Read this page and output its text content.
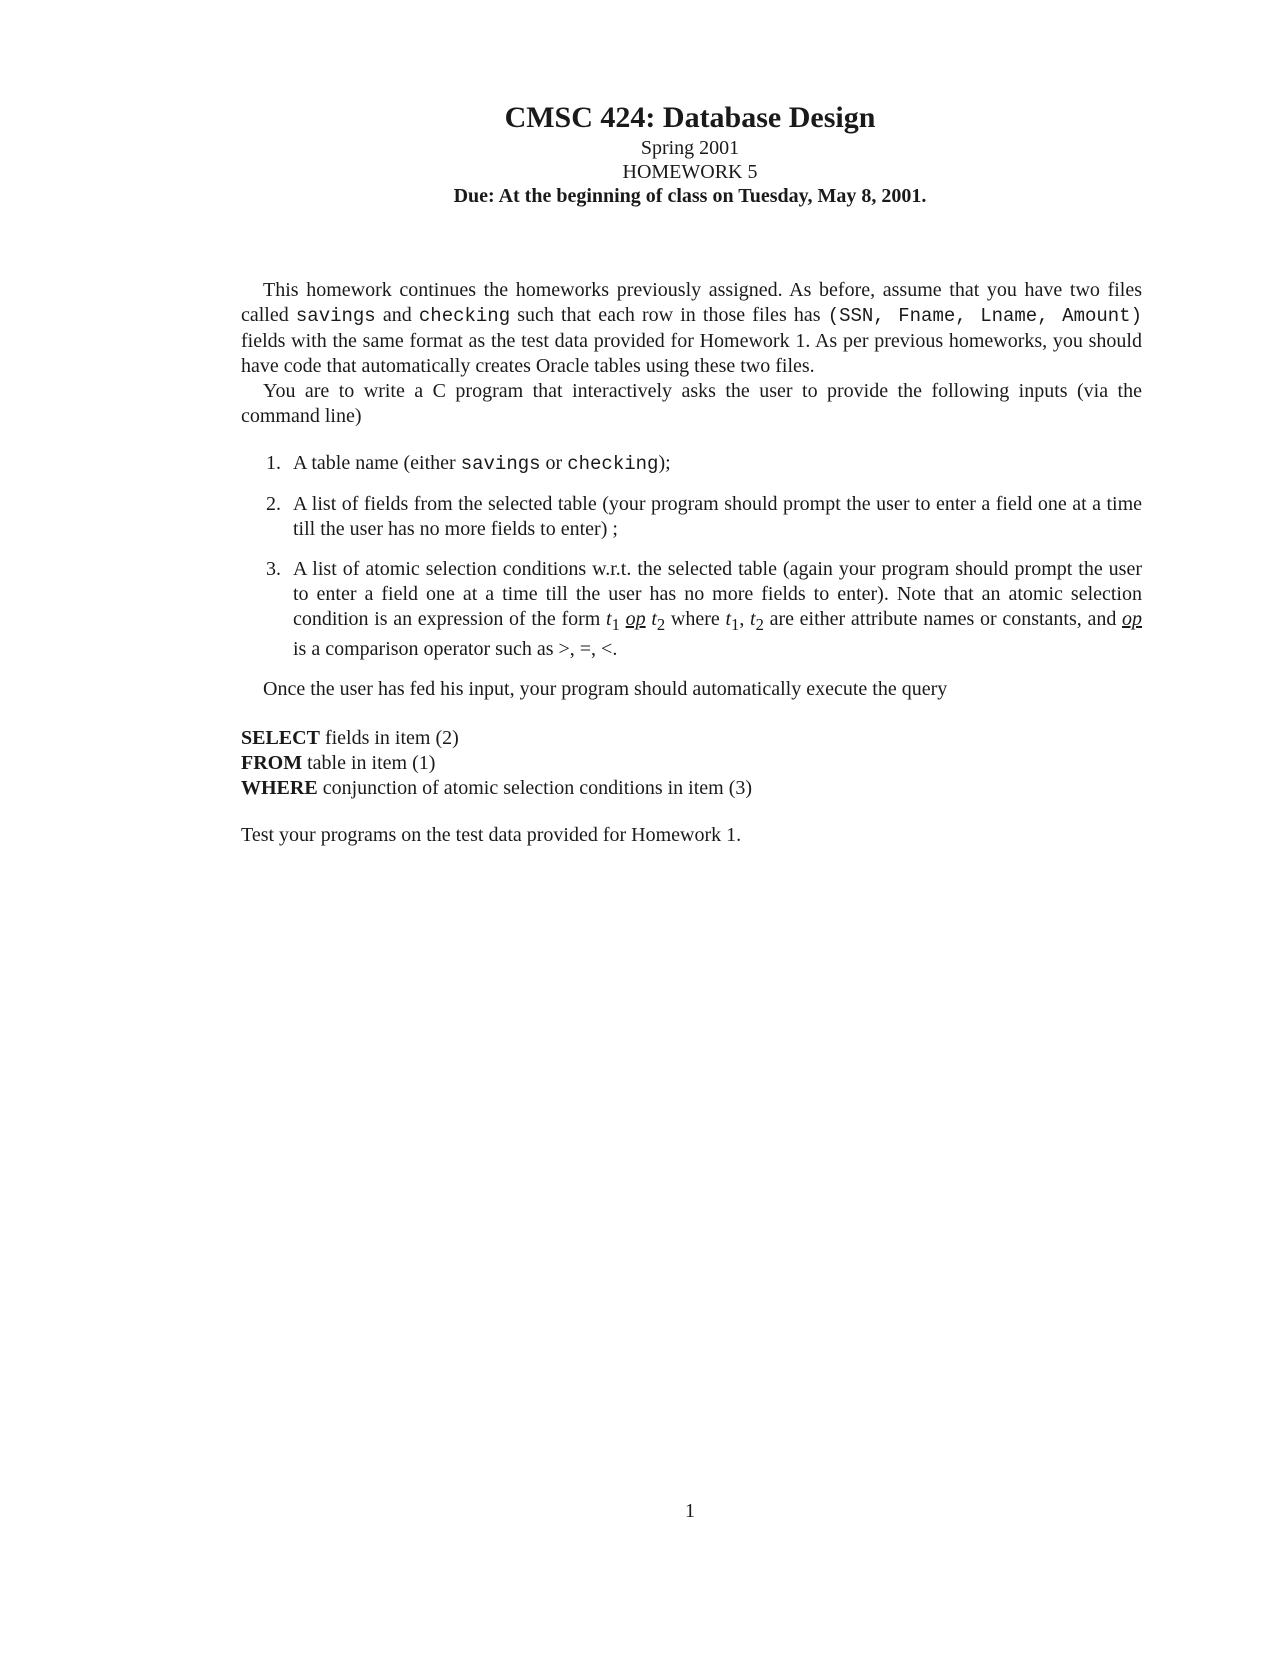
CMSC 424: Database Design
Spring 2001
HOMEWORK 5
Due: At the beginning of class on Tuesday, May 8, 2001.

This homework continues the homeworks previously assigned. As before, assume that you have two files called savings and checking such that each row in those files has (SSN, Fname, Lname, Amount) fields with the same format as the test data provided for Homework 1. As per previous homeworks, you should have code that automatically creates Oracle tables using these two files.

You are to write a C program that interactively asks the user to provide the following inputs (via the command line)

1. A table name (either savings or checking);
2. A list of fields from the selected table (your program should prompt the user to enter a field one at a time till the user has no more fields to enter) ;
3. A list of atomic selection conditions w.r.t. the selected table (again your program should prompt the user to enter a field one at a time till the user has no more fields to enter). Note that an atomic selection condition is an expression of the form $t_1$ op $t_2$ where $t_1$, $t_2$ are either attribute names or constants, and op is a comparison operator such as >, =, <.

Once the user has fed his input, your program should automatically execute the query

SELECT fields in item (2)
FROM table in item (1)
WHERE conjunction of atomic selection conditions in item (3)

Test your programs on the test data provided for Homework 1.

1
